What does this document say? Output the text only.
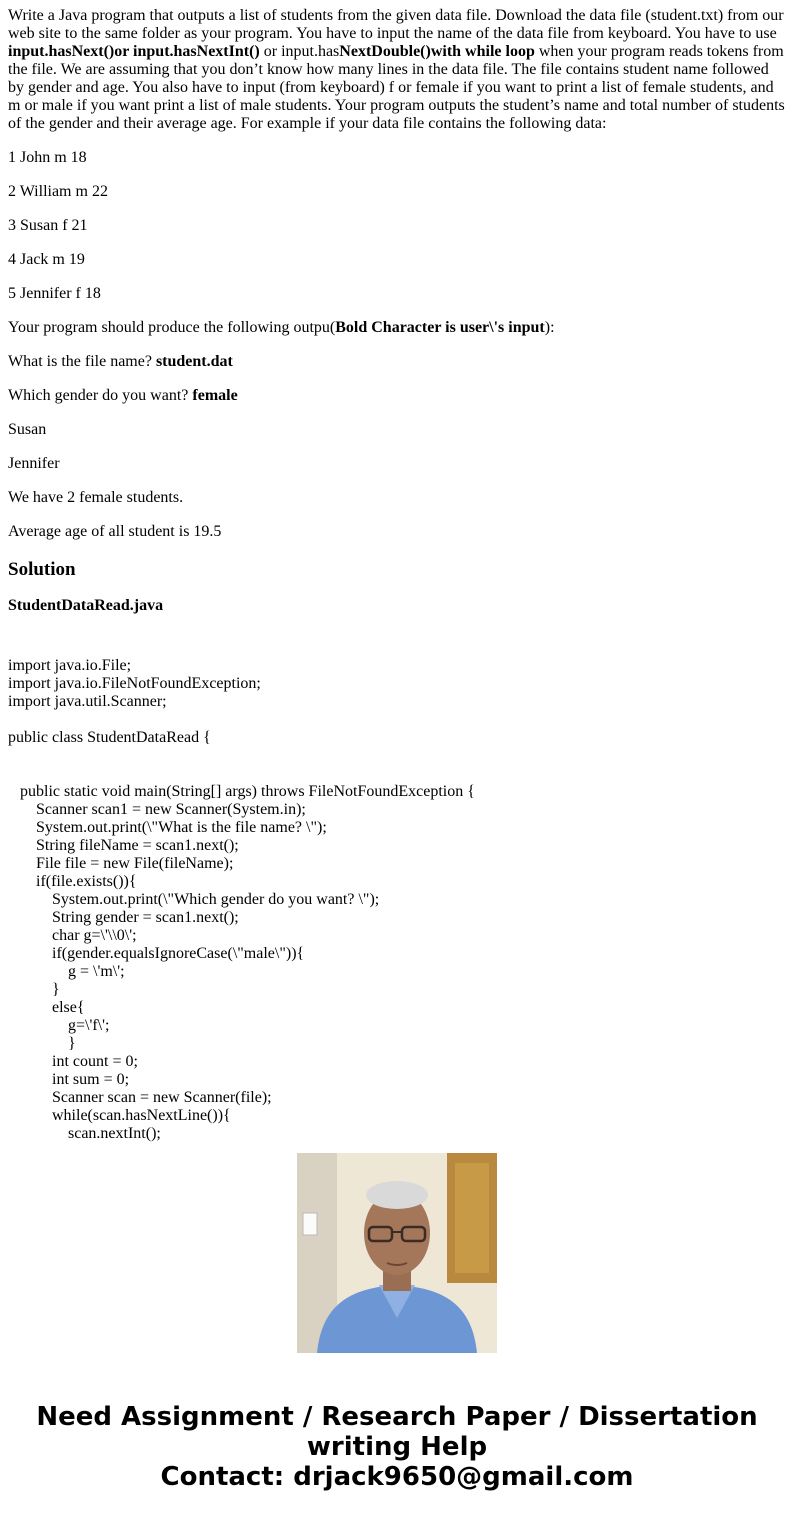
Write a Java program that outputs a list of students from the given data file. Download the data file (student.txt) from our web site to the same folder as your program. You have to input the name of the data file from keyboard. You have to use input.hasNext()or input.hasNextInt() or input.hasNextDouble()with while loop when your program reads tokens from the file. We are assuming that you don’t know how many lines in the data file. The file contains student name followed by gender and age. You also have to input (from keyboard) f or female if you want to print a list of female students, and m or male if you want print a list of male students. Your program outputs the student’s name and total number of students of the gender and their average age. For example if your data file contains the following data:
1 John m 18
2 William m 22
3 Susan f 21
4 Jack m 19
5 Jennifer f 18
Your program should produce the following outpu(Bold Character is user\'s input):
What is the file name? student.dat
Which gender do you want? female
Susan
Jennifer
We have 2 female students.
Average age of all student is 19.5
Solution
StudentDataRead.java

import java.io.File;
import java.io.FileNotFoundException;
import java.util.Scanner;

public class StudentDataRead {

public static void main(String[] args) throws FileNotFoundException {
Scanner scan1 = new Scanner(System.in);
System.out.print(\"What is the file name? \");
String fileName = scan1.next();
File file = new File(fileName);
if(file.exists()){
System.out.print(\"Which gender do you want? \");
String gender = scan1.next();
char g=\'\\0\';
if(gender.equalsIgnoreCase(\"male\")){
g = \'m\';
}
else{
g=\'f\';
}
int count = 0;
int sum = 0;
Scanner scan = new Scanner(file);
while(scan.hasNextLine()){
scan.nextInt();
Need Assignment / Research Paper / Dissertation
writing Help
Contact: drjack9650@gmail.com
